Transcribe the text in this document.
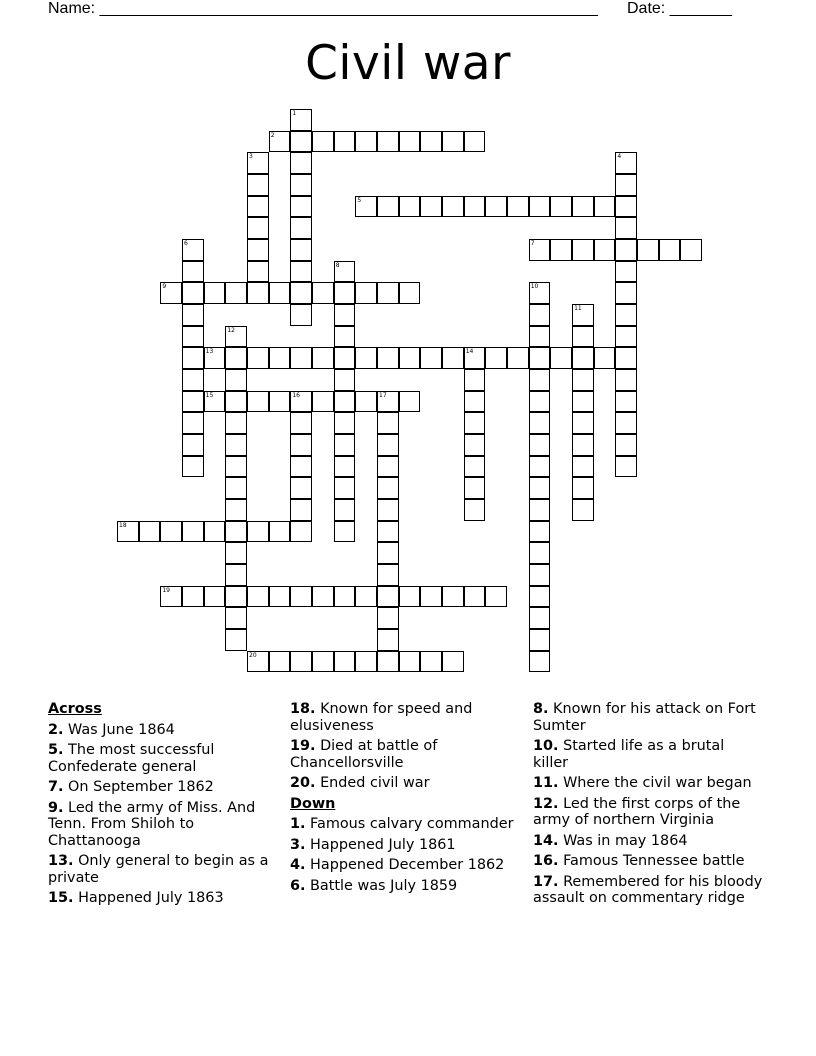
Name: ________________________________________________________ Date: _______
Civil war
1
2
3	4
5
6	7
8
9	10
11
12
13	14
15	16	17
18
19
20
Across
2. Was June 1864
5. The most successful Confederate general
7. On September 1862
9. Led the army of Miss. And Tenn. From Shiloh to Chattanooga
13. Only general to begin as a private
15. Happened July 1863
18. Known for speed and elusiveness
19. Died at battle of Chancellorsville
20. Ended civil war
Down
1. Famous calvary commander
3. Happened July 1861
4. Happened December 1862
6. Battle was July 1859
8. Known for his attack on Fort Sumter
10. Started life as a brutal killer
11. Where the civil war began
12. Led the first corps of the army of northern Virginia
14. Was in may 1864
16. Famous Tennessee battle
17. Remembered for his bloody assault on commentary ridge
